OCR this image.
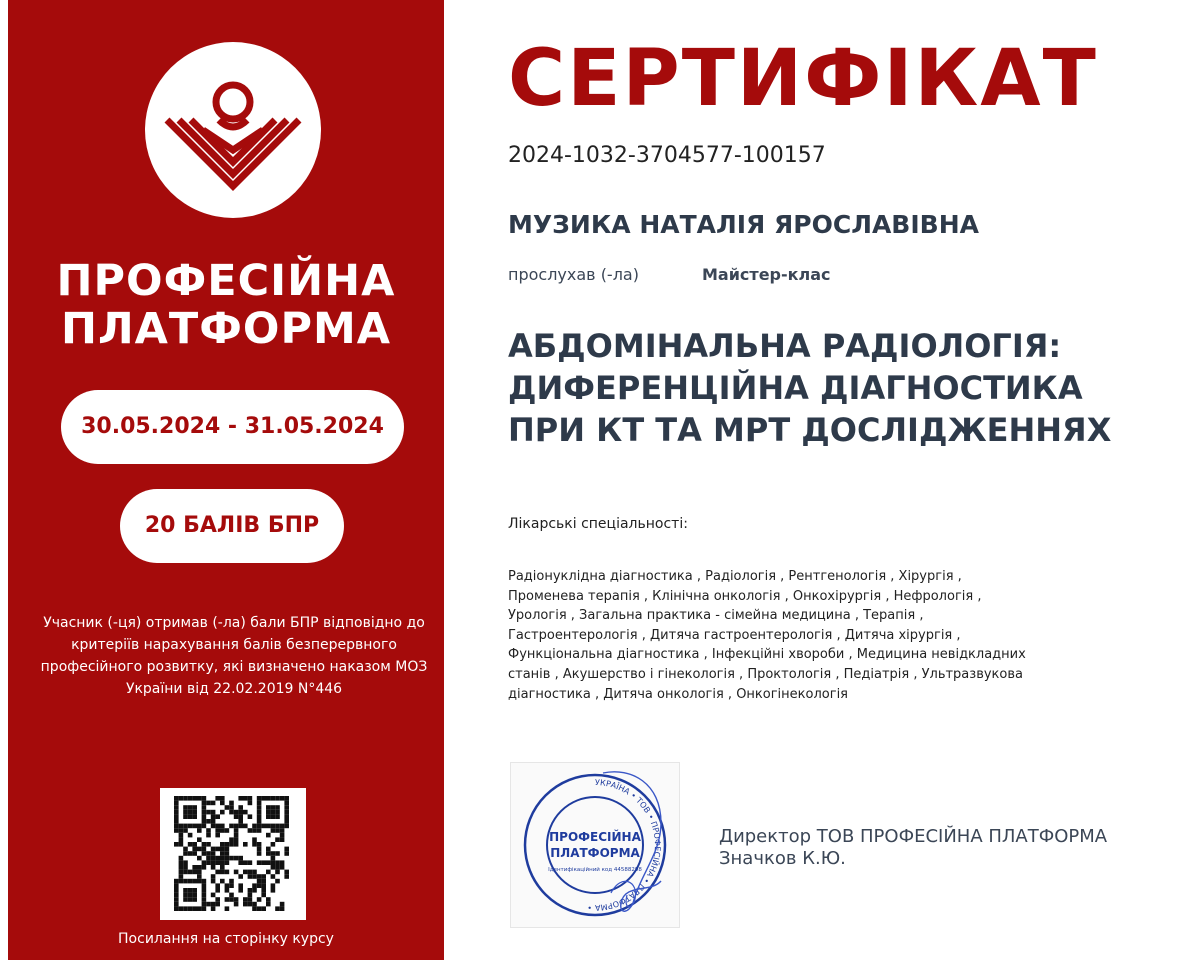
ПРОФЕСІЙНА
ПЛАТФОРМА
30.05.2024 - 31.05.2024
20 БАЛІВ БПР
Учасник (-ця) отримав (-ла) бали БПР відповідно до критеріїв нарахування балів безперервного професійного розвитку, які визначено наказом МОЗ України від 22.02.2019 N°446
Посилання на сторінку курсу
СЕРТИФІКАТ
2024-1032-3704577-100157
МУЗИКА НАТАЛІЯ ЯРОСЛАВІВНА
прослухав (-ла)	Майстер-клас
АБДОМІНАЛЬНА РАДІОЛОГІЯ: ДИФЕРЕНЦІЙНА ДІАГНОСТИКА ПРИ КТ ТА МРТ ДОСЛІДЖЕННЯХ
Лікарські спеціальності:
Радіонуклідна діагностика , Радіологія , Рентгенологія , Хірургія , Променева терапія , Клінічна онкологія , Онкохірургія , Нефрологія , Урологія , Загальна практика - сімейна медицина , Терапія , Гастроентерологія , Дитяча гастроентерологія , Дитяча хірургія , Функціональна діагностика , Інфекційні хвороби , Медицина невідкладних станів , Акушерство і гінекологія , Проктологія , Педіатрія , Ультразвукова діагностика , Дитяча онкологія , Онкогінекологія
УКРАЇНА • ТОВ • ПРОФЕСІЙНА • ПЛАТФОРМА •
ПРОФЕСІЙНА
ПЛАТФОРМА
Ідентифікаційний код 44588298
Директор ТОВ ПРОФЕСІЙНА ПЛАТФОРМА
Значков К.Ю.
